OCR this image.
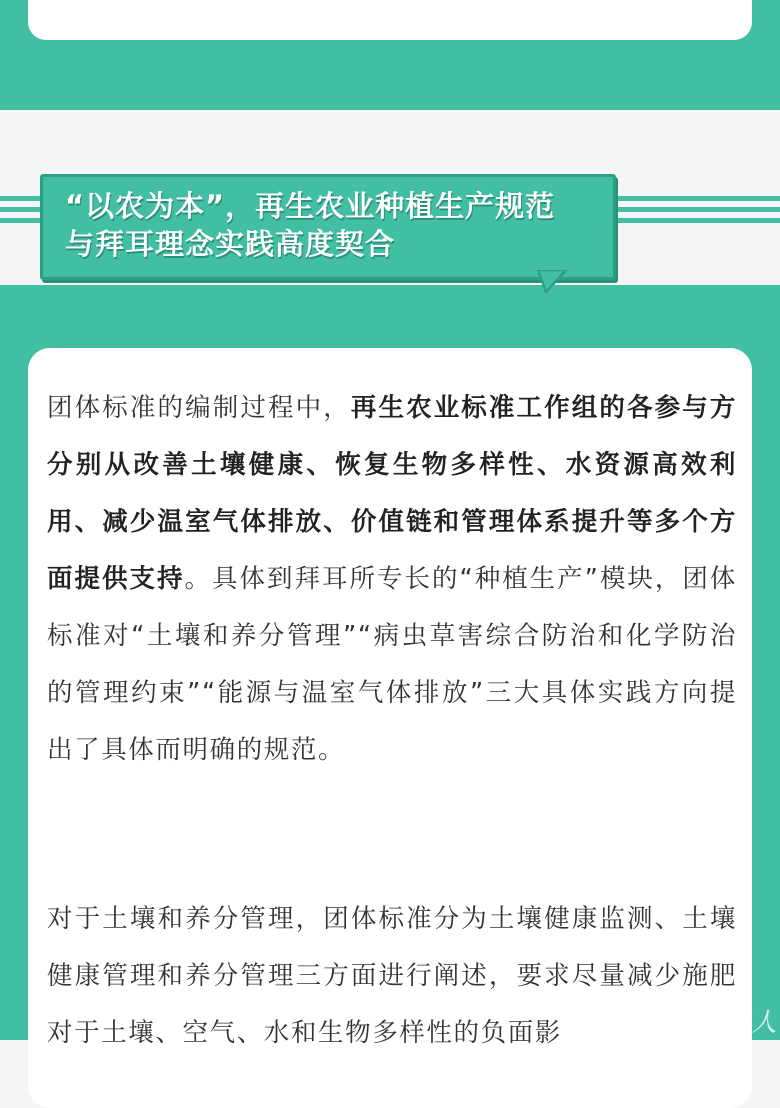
“以农为本”，再生农业种植生产规范
与拜耳理念实践高度契合
团体标准的编制过程中，再生农业标准工作组的各参与方分别从改善土壤健康、恢复生物多样性、水资源高效利用、减少温室气体排放、价值链和管理体系提升等多个方面提供支持。具体到拜耳所专长的“种植生产”模块，团体标准对“土壤和养分管理”“病虫草害综合防治和化学防治的管理约束”“能源与温室气体排放”三大具体实践方向提出了具体而明确的规范。
对于土壤和养分管理，团体标准分为土壤健康监测、土壤健康管理和养分管理三方面进行阐述，要求尽量减少施肥对于土壤、空气、水和生物多样性的负面影	191农资人
